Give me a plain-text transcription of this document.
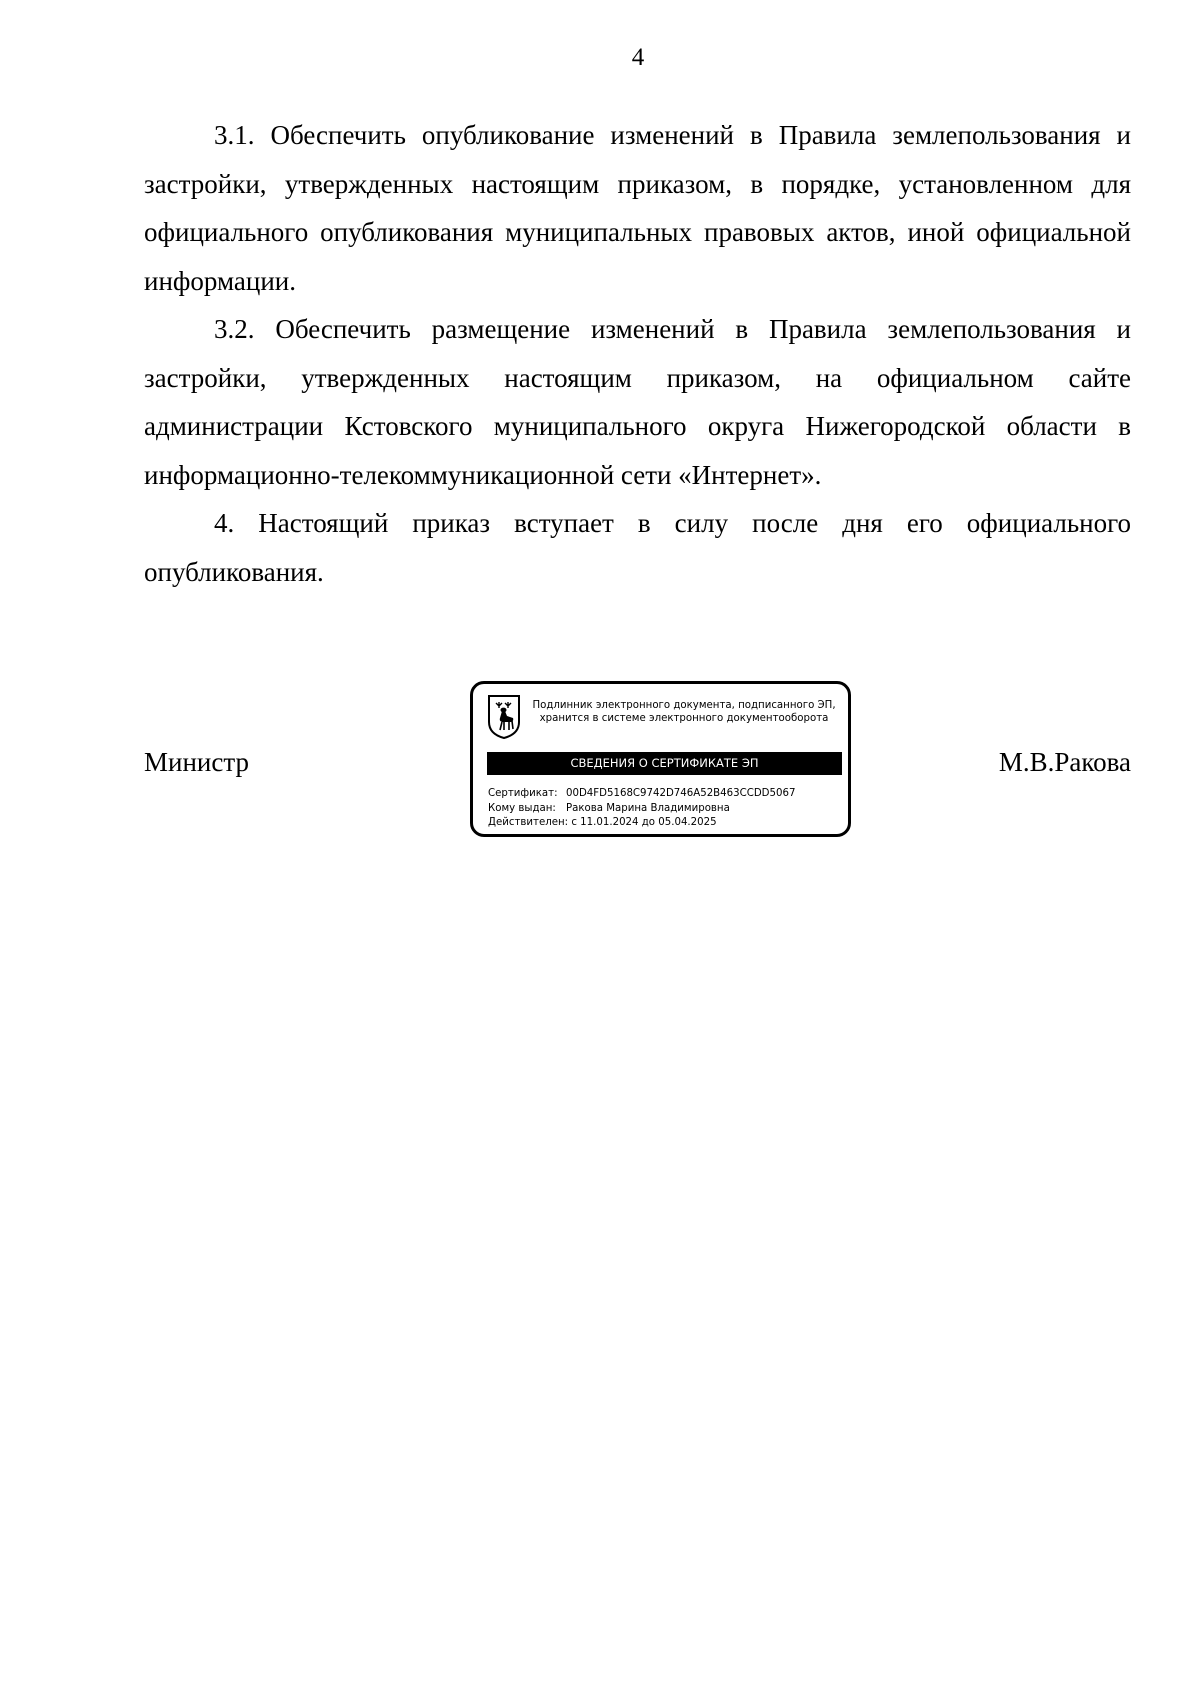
4

3.1. Обеспечить опубликование изменений в Правила землепользования и застройки, утвержденных настоящим приказом, в порядке, установленном для официального опубликования муниципальных правовых актов, иной официальной информации.

3.2. Обеспечить размещение изменений в Правила землепользования и застройки, утвержденных настоящим приказом, на официальном сайте администрации Кстовского муниципального округа Нижегородской области в информационно-телекоммуникационной сети «Интернет».

4. Настоящий приказ вступает в силу после дня его официального опубликования.

Министр	М.В.Ракова
Подлинник электронного документа, подписанного ЭП,
хранится в системе электронного документооборота
СВЕДЕНИЯ О СЕРТИФИКАТЕ ЭП
Сертификат: 00D4FD5168C9742D746A52B463CCDD5067
Кому выдан: Ракова Марина Владимировна
Действителен: с 11.01.2024 до 05.04.2025
